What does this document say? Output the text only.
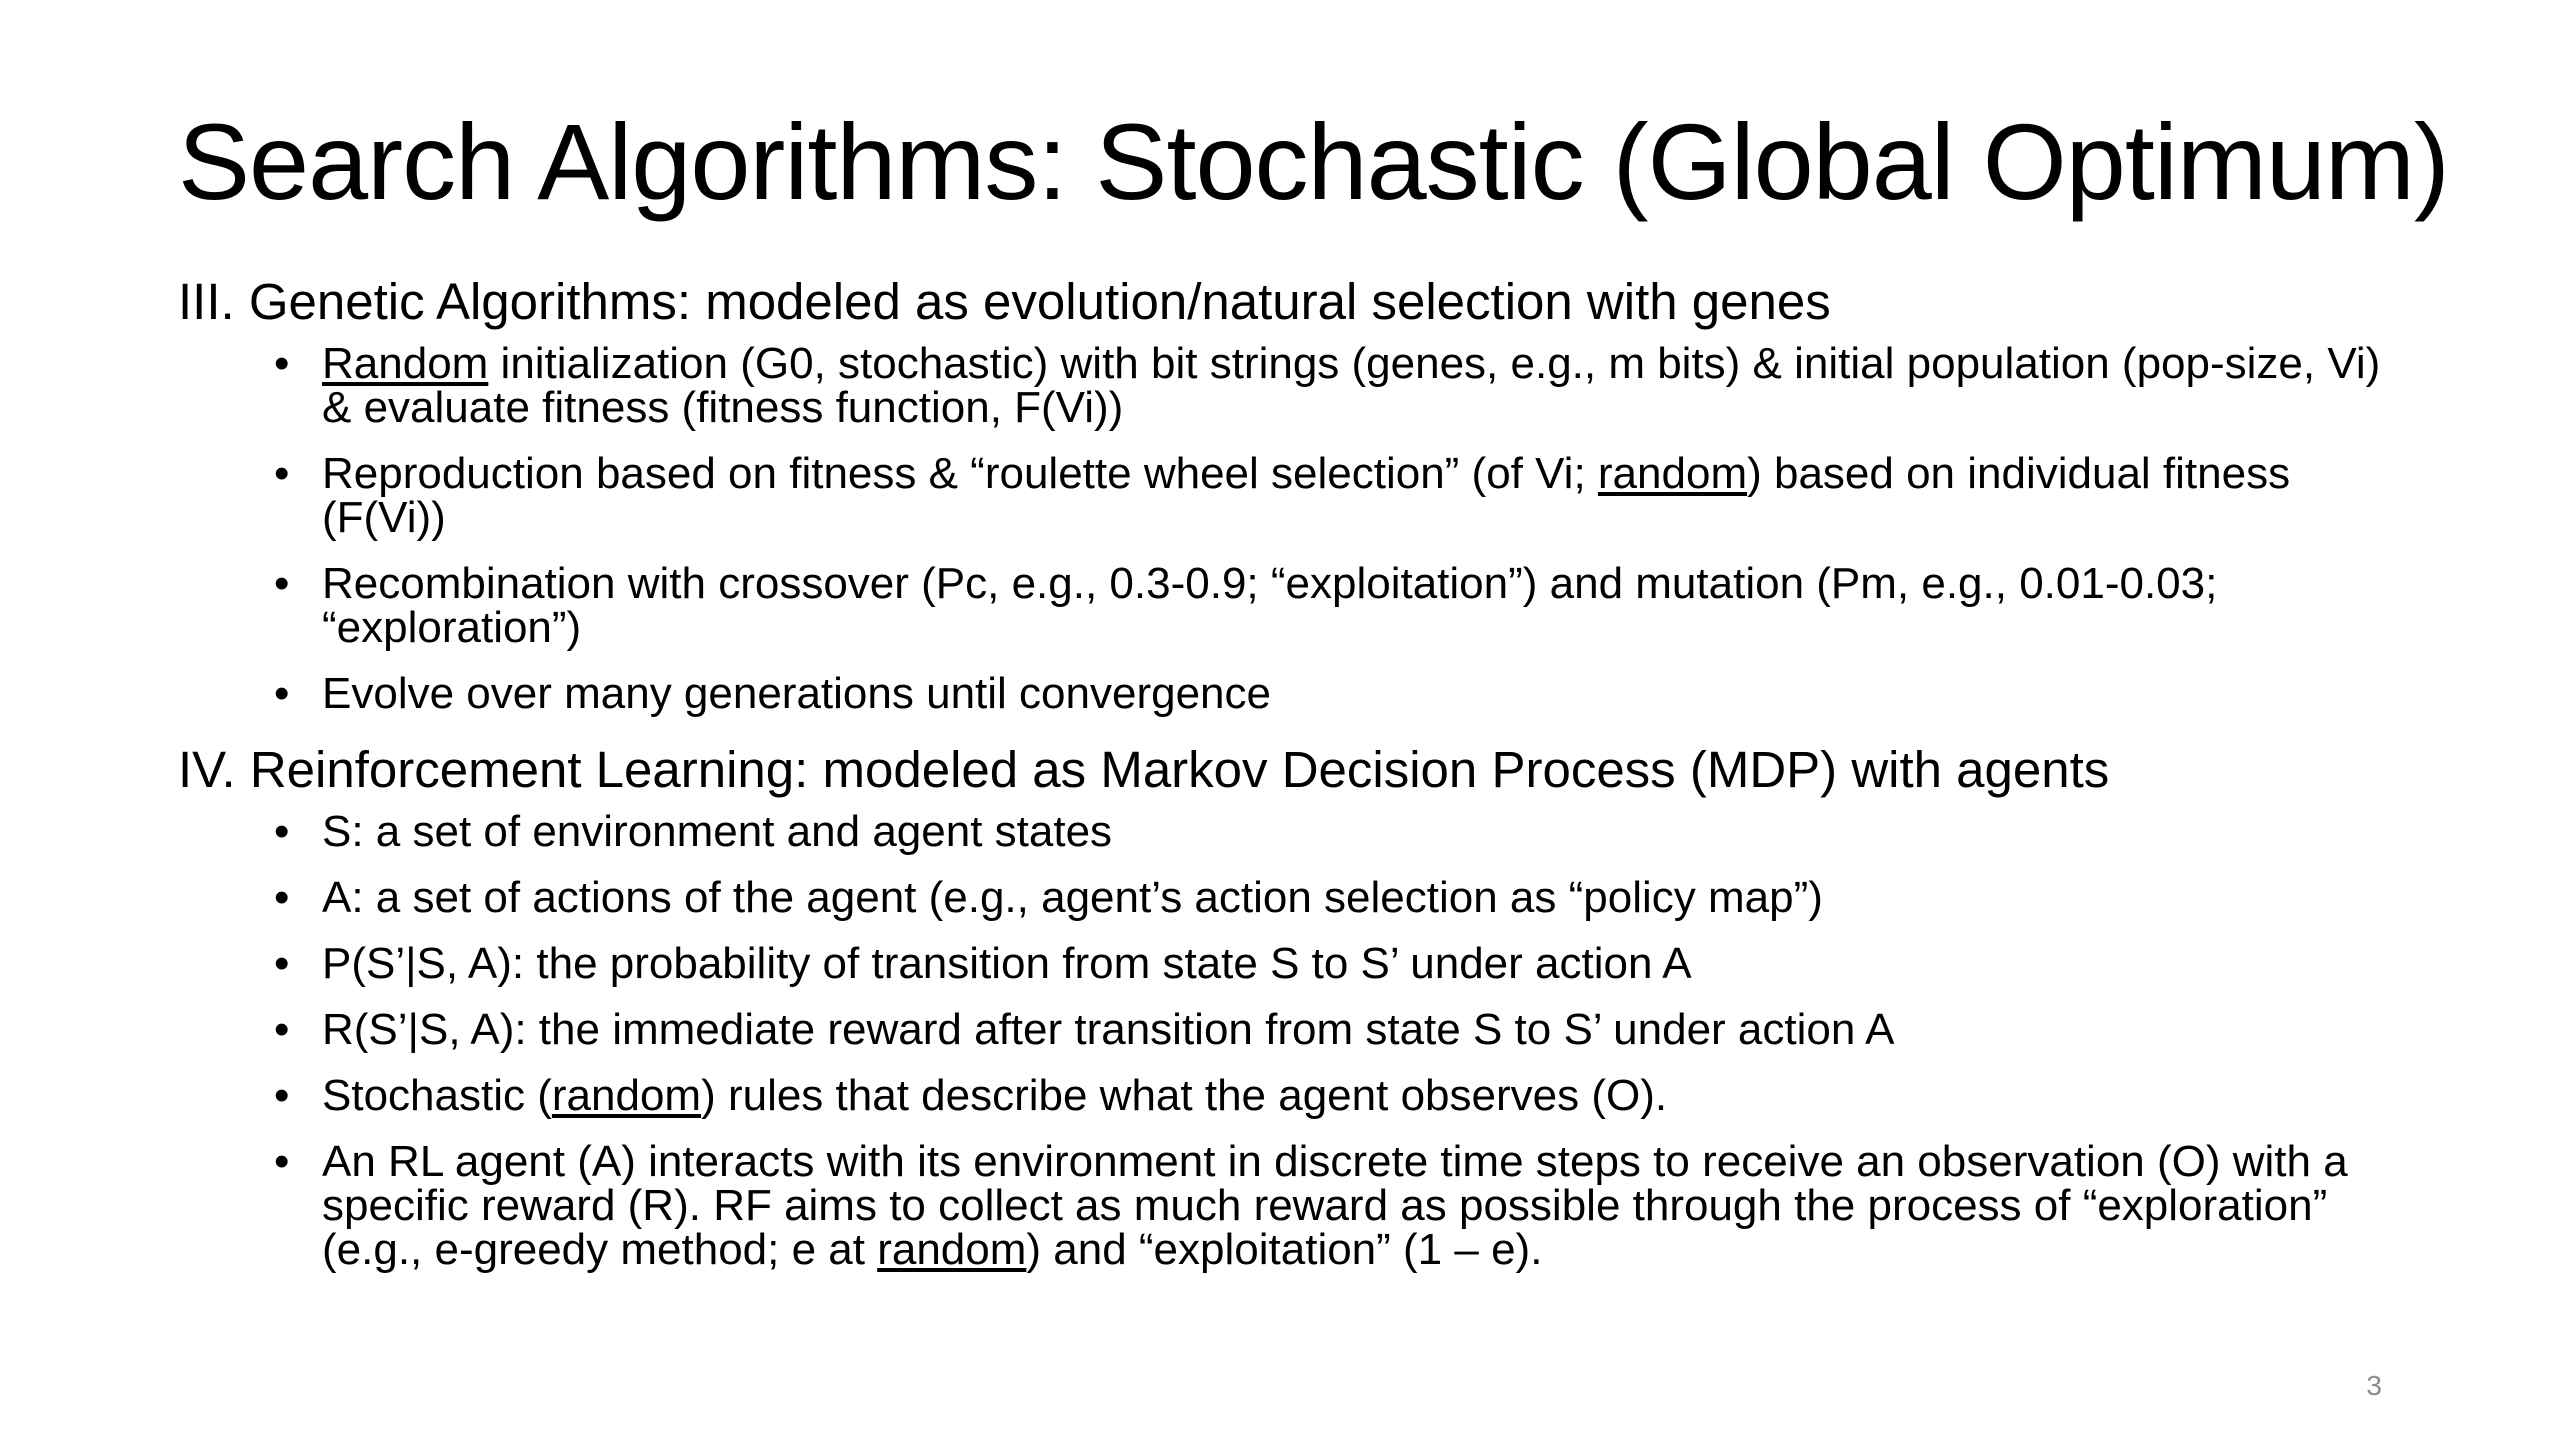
Search Algorithms: Stochastic (Global Optimum)
III. Genetic Algorithms: modeled as evolution/natural selection with genes
• Random initialization (G0, stochastic) with bit strings (genes, e.g., m bits) & initial population (pop-size, Vi) & evaluate fitness (fitness function, F(Vi))
• Reproduction based on fitness & “roulette wheel selection” (of Vi; random) based on individual fitness (F(Vi))
• Recombination with crossover (Pc, e.g., 0.3-0.9; “exploitation”) and mutation (Pm, e.g., 0.01-0.03; “exploration”)
• Evolve over many generations until convergence
IV. Reinforcement Learning: modeled as Markov Decision Process (MDP) with agents
• S: a set of environment and agent states
• A: a set of actions of the agent (e.g., agent’s action selection as “policy map”)
• P(S’|S, A): the probability of transition from state S to S’ under action A
• R(S’|S, A): the immediate reward after transition from state S to S’ under action A
• Stochastic (random) rules that describe what the agent observes (O).
• An RL agent (A) interacts with its environment in discrete time steps to receive an observation (O) with a specific reward (R). RF aims to collect as much reward as possible through the process of “exploration” (e.g., e-greedy method; e at random) and “exploitation” (1 – e).
3
